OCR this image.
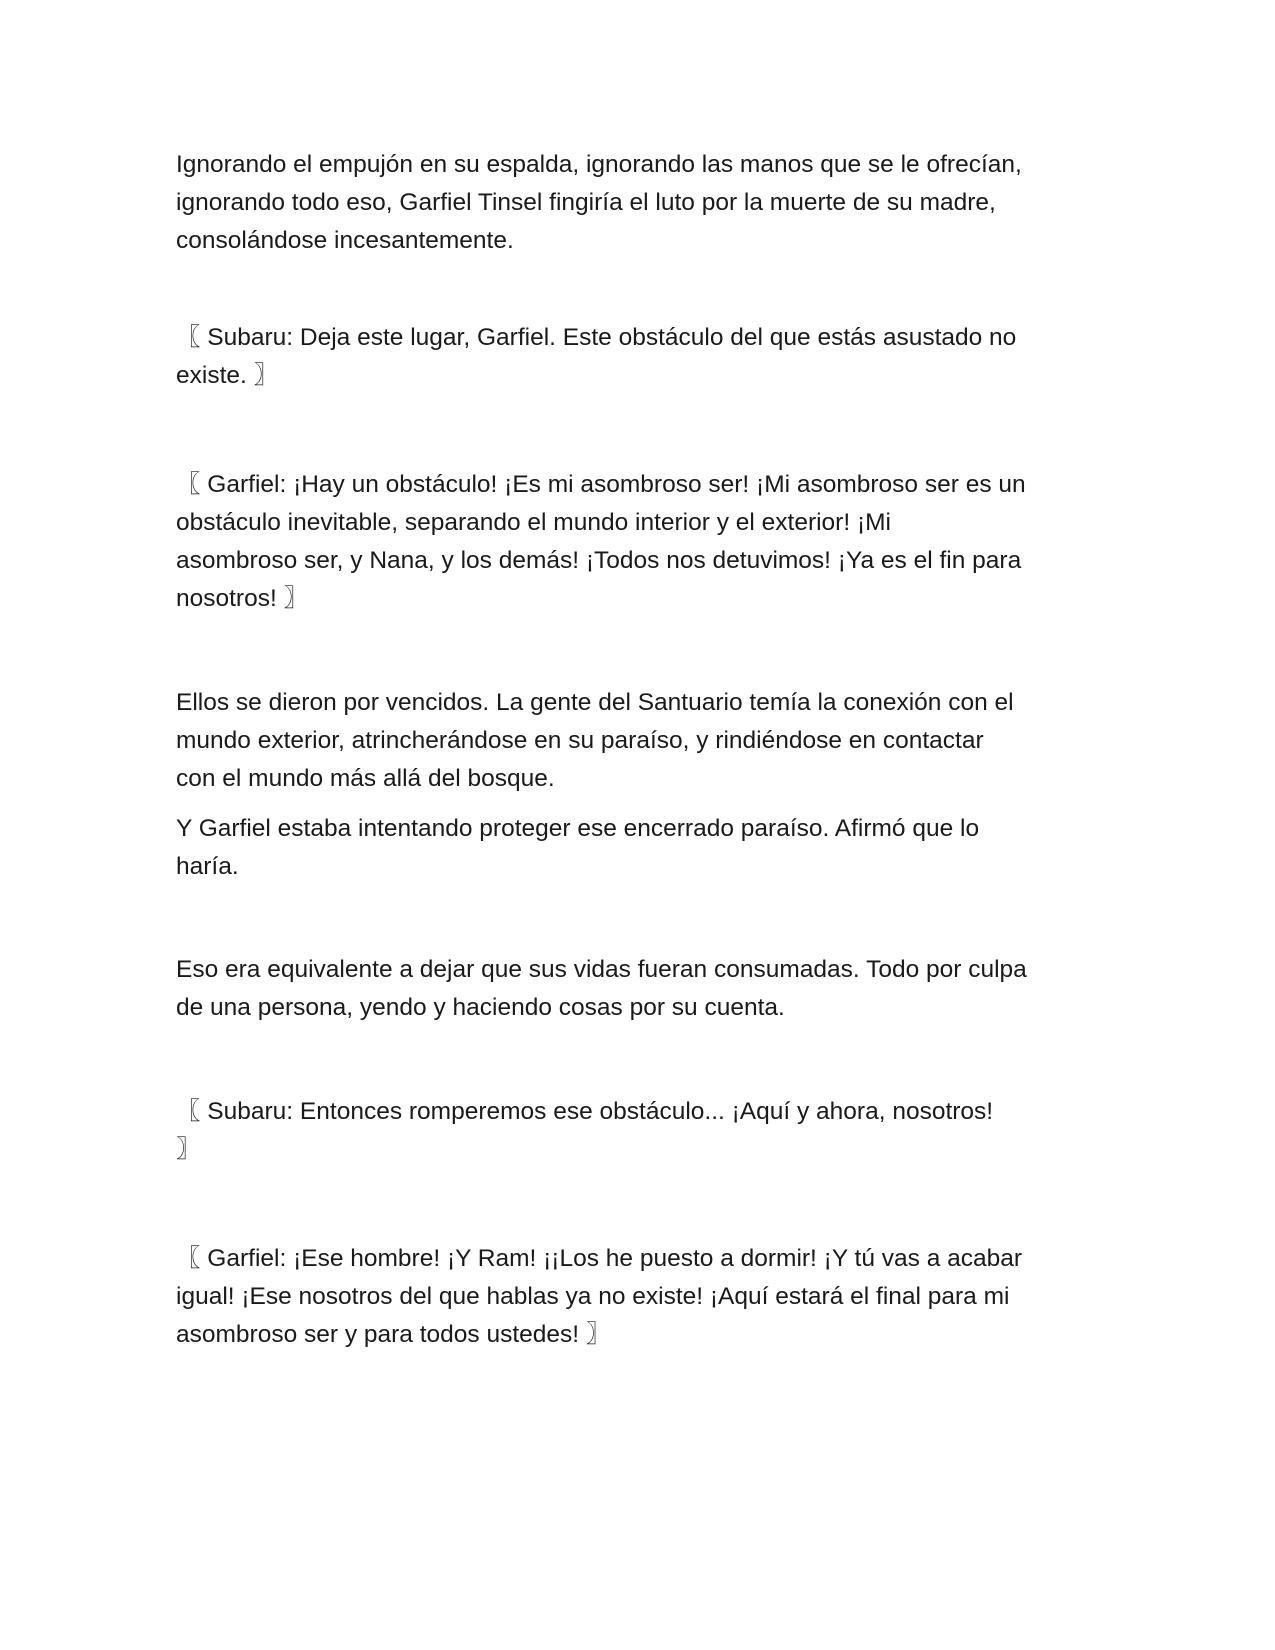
Ignorando el empujón en su espalda, ignorando las manos que se le ofrecían,
ignorando todo eso, Garfiel Tinsel fingiría el luto por la muerte de su madre,
consolándose incesantemente.

〖 Subaru: Deja este lugar, Garfiel. Este obstáculo del que estás asustado no
existe. 〗

〖 Garfiel: ¡Hay un obstáculo! ¡Es mi asombroso ser! ¡Mi asombroso ser es un
obstáculo inevitable, separando el mundo interior y el exterior! ¡Mi
asombroso ser, y Nana, y los demás! ¡Todos nos detuvimos! ¡Ya es el fin para
nosotros! 〗

Ellos se dieron por vencidos. La gente del Santuario temía la conexión con el
mundo exterior, atrincherándose en su paraíso, y rindiéndose en contactar
con el mundo más allá del bosque.

Y Garfiel estaba intentando proteger ese encerrado paraíso. Afirmó que lo
haría.

Eso era equivalente a dejar que sus vidas fueran consumadas. Todo por culpa
de una persona, yendo y haciendo cosas por su cuenta.

〖 Subaru: Entonces romperemos ese obstáculo... ¡Aquí y ahora, nosotros!
〗

〖 Garfiel: ¡Ese hombre! ¡Y Ram! ¡¡Los he puesto a dormir! ¡Y tú vas a acabar
igual! ¡Ese nosotros del que hablas ya no existe! ¡Aquí estará el final para mi
asombroso ser y para todos ustedes! 〗
